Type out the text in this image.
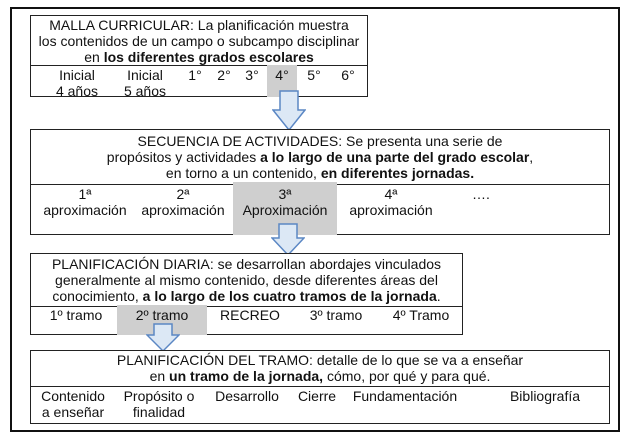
MALLA CURRICULAR: La planificación muestra
los contenidos de un campo o subcampo disciplinar
en los diferentes grados escolares
Inicial
4 años
Inicial
5 años
1°	2°	3°	4°	5°	6°
SECUENCIA DE ACTIVIDADES: Se presenta una serie de
propósitos y actividades a lo largo de una parte del grado escolar,
en torno a un contenido, en diferentes jornadas.
1ª
aproximación
2ª
aproximación
3ª
Aproximación
4ª
aproximación
….
PLANIFICACIÓN DIARIA: se desarrollan abordajes vinculados
generalmente al mismo contenido, desde diferentes áreas del
conocimiento, a lo largo de los cuatro tramos de la jornada.
1º tramo	2º tramo	RECREO	3º tramo	4º Tramo
PLANIFICACIÓN DEL TRAMO: detalle de lo que se va a enseñar
en un tramo de la jornada, cómo, por qué y para qué.
Contenido
a enseñar
Propósito o
finalidad
Desarrollo	Cierre	Fundamentación	Bibliografía
